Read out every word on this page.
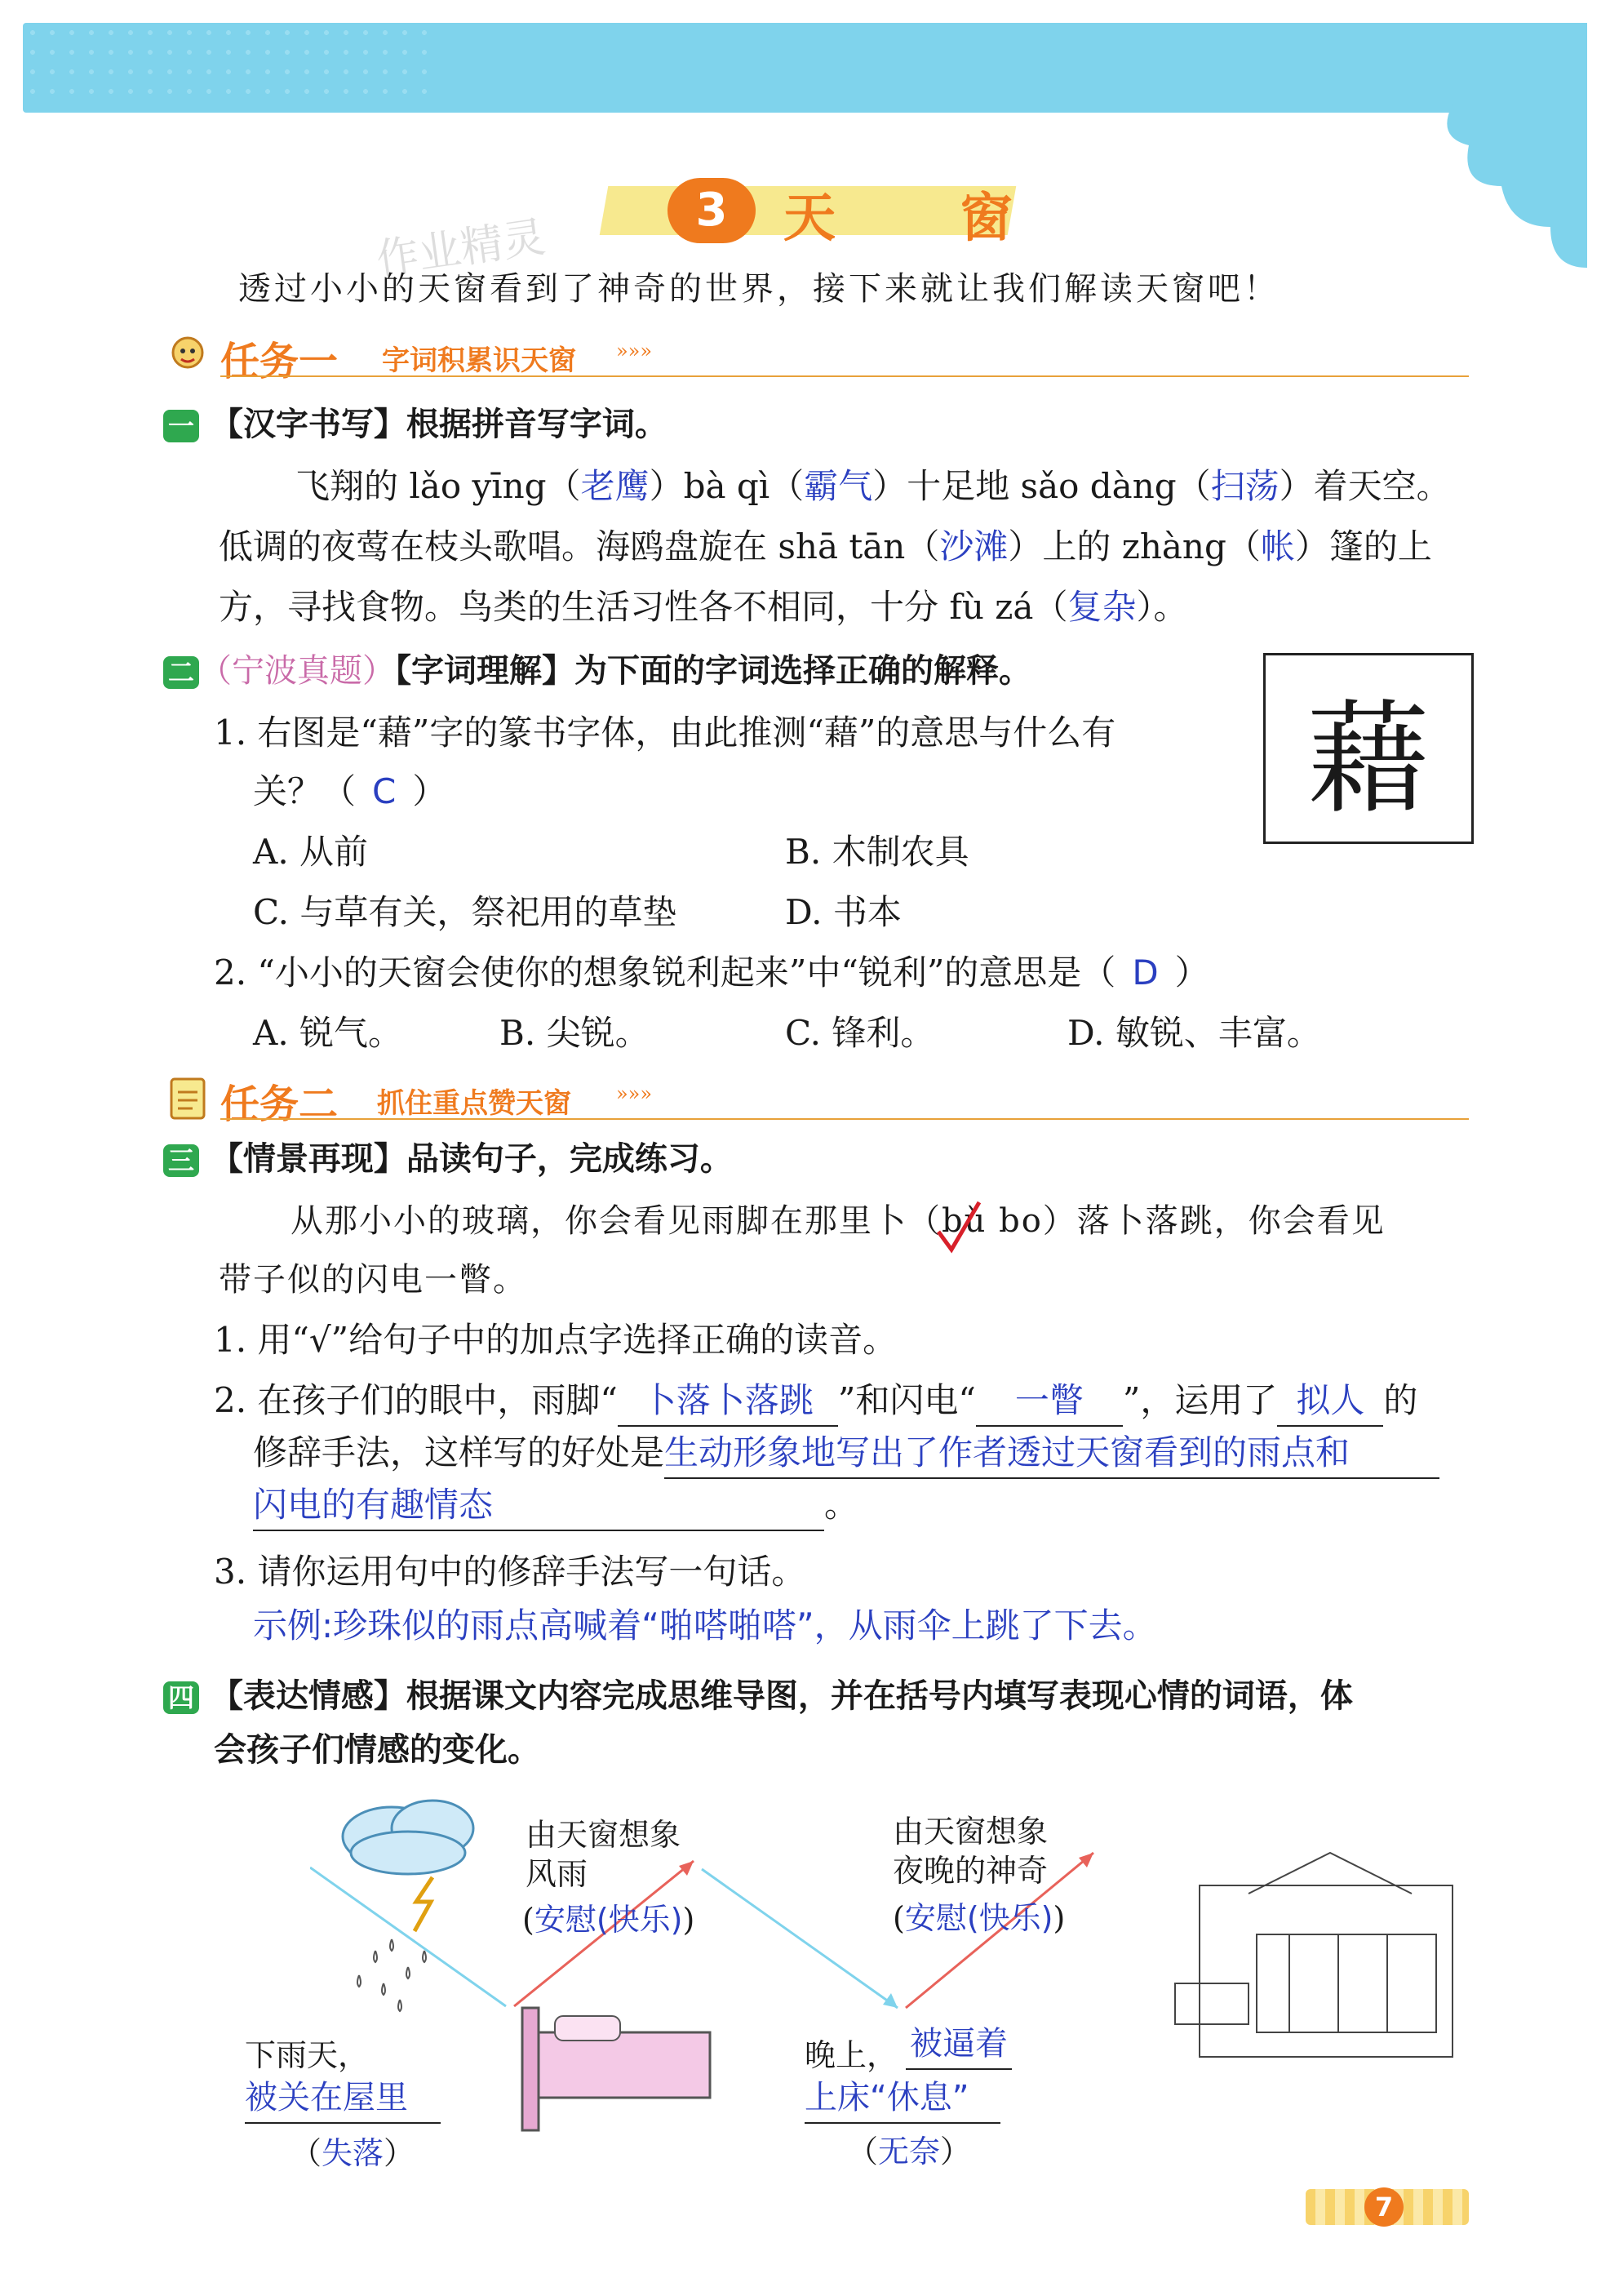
3	天  窗
作业精灵
透过小小的天窗看到了神奇的世界，接下来就让我们解读天窗吧！
任务一 字词积累识天窗 »»»
一 【汉字书写】根据拼音写字词。
飞翔的 lǎo yīng（老鹰）bà qì（霸气）十足地 sǎo dàng（扫荡）着天空。
低调的夜莺在枝头歌唱。海鸥盘旋在 shā tān（沙滩）上的 zhàng（帐）篷的上
方，寻找食物。鸟类的生活习性各不相同，十分 fù zá（复杂）。
二 （宁波真题）【字词理解】为下面的字词选择正确的解释。
藉
1. 右图是“藉”字的篆书字体，由此推测“藉”的意思与什么有
关？（ C ）
A. 从前	B. 木制农具
C. 与草有关，祭祀用的草垫	D. 书本
2. “小小的天窗会使你的想象锐利起来”中“锐利”的意思是（ D ）
A. 锐气。	B. 尖锐。	C. 锋利。	D. 敏锐、丰富。
任务二 抓住重点赞天窗 »»»
三 【情景再现】品读句子，完成练习。
从那小小的玻璃，你会看见雨脚在那里卜（bǔ
bo）落卜落跳，你会看见
带子似的闪电一瞥。
1. 用“√”给句子中的加点字选择正确的读音。
2. 在孩子们的眼中，雨脚“ 卜落卜落跳 ”和闪电“ 一瞥 ”，运用了 拟人 的
修辞手法，这样写的好处是生动形象地写出了作者透过天窗看到的雨点和
闪电的有趣情态	。
3. 请你运用句中的修辞手法写一句话。
示例:珍珠似的雨点高喊着“啪嗒啪嗒”，从雨伞上跳了下去。
四 【表达情感】根据课文内容完成思维导图，并在括号内填写表现心情的词语，体
会孩子们情感的变化。
由天窗想象
风雨
(安慰(快乐))
由天窗想象
夜晚的神奇
(安慰(快乐))
下雨天，
被关在屋里
（失落）
晚上， 被逼着
上床“休息”
（无奈）
7
